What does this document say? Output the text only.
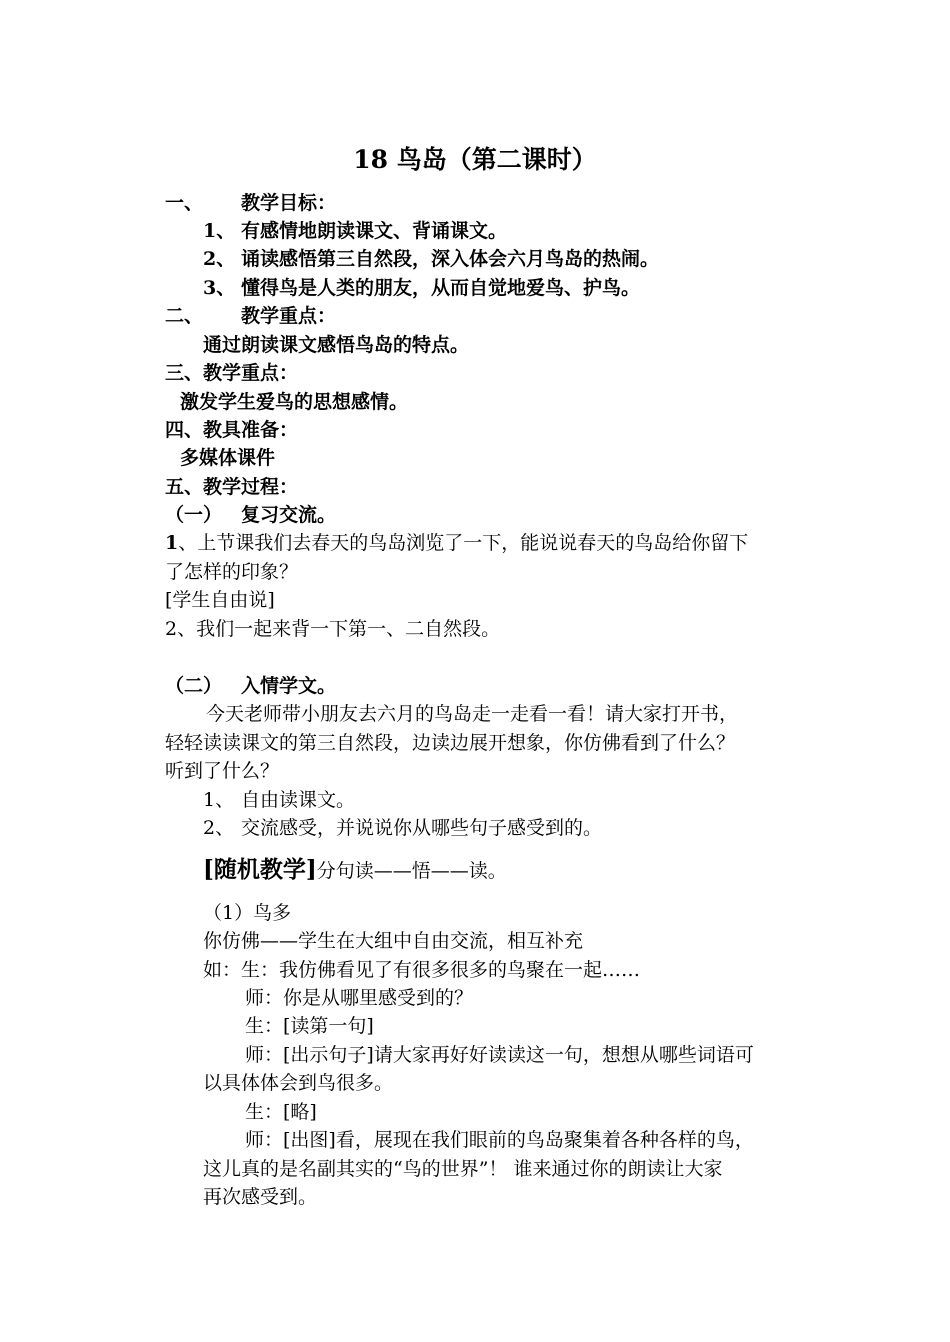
18 鸟岛（第二课时）
一、 教学目标：
1、 有感情地朗读课文、背诵课文。
2、 诵读感悟第三自然段，深入体会六月鸟岛的热闹。
3、 懂得鸟是人类的朋友，从而自觉地爱鸟、护鸟。
二、 教学重点：
通过朗读课文感悟鸟岛的特点。
三、教学重点：
激发学生爱鸟的思想感情。
四、教具准备：
多媒体课件
五、教学过程：
（一） 复习交流。
1、上节课我们去春天的鸟岛浏览了一下，能说说春天的鸟岛给你留下
了怎样的印象？
[学生自由说]
2、我们一起来背一下第一、二自然段。
（二） 入情学文。
今天老师带小朋友去六月的鸟岛走一走看一看！请大家打开书，
轻轻读读课文的第三自然段，边读边展开想象，你仿佛看到了什么？
听到了什么？
1、 自由读课文。
2、 交流感受，并说说你从哪些句子感受到的。
[随机教学]分句读——悟——读。
（1）鸟多
你仿佛——学生在大组中自由交流，相互补充
如：生：我仿佛看见了有很多很多的鸟聚在一起……
师：你是从哪里感受到的？
生：[读第一句]
师：[出示句子]请大家再好好读读这一句，想想从哪些词语可
以具体体会到鸟很多。
生：[略]
师：[出图]看，展现在我们眼前的鸟岛聚集着各种各样的鸟，
这儿真的是名副其实的“鸟的世界”！ 谁来通过你的朗读让大家
再次感受到。
